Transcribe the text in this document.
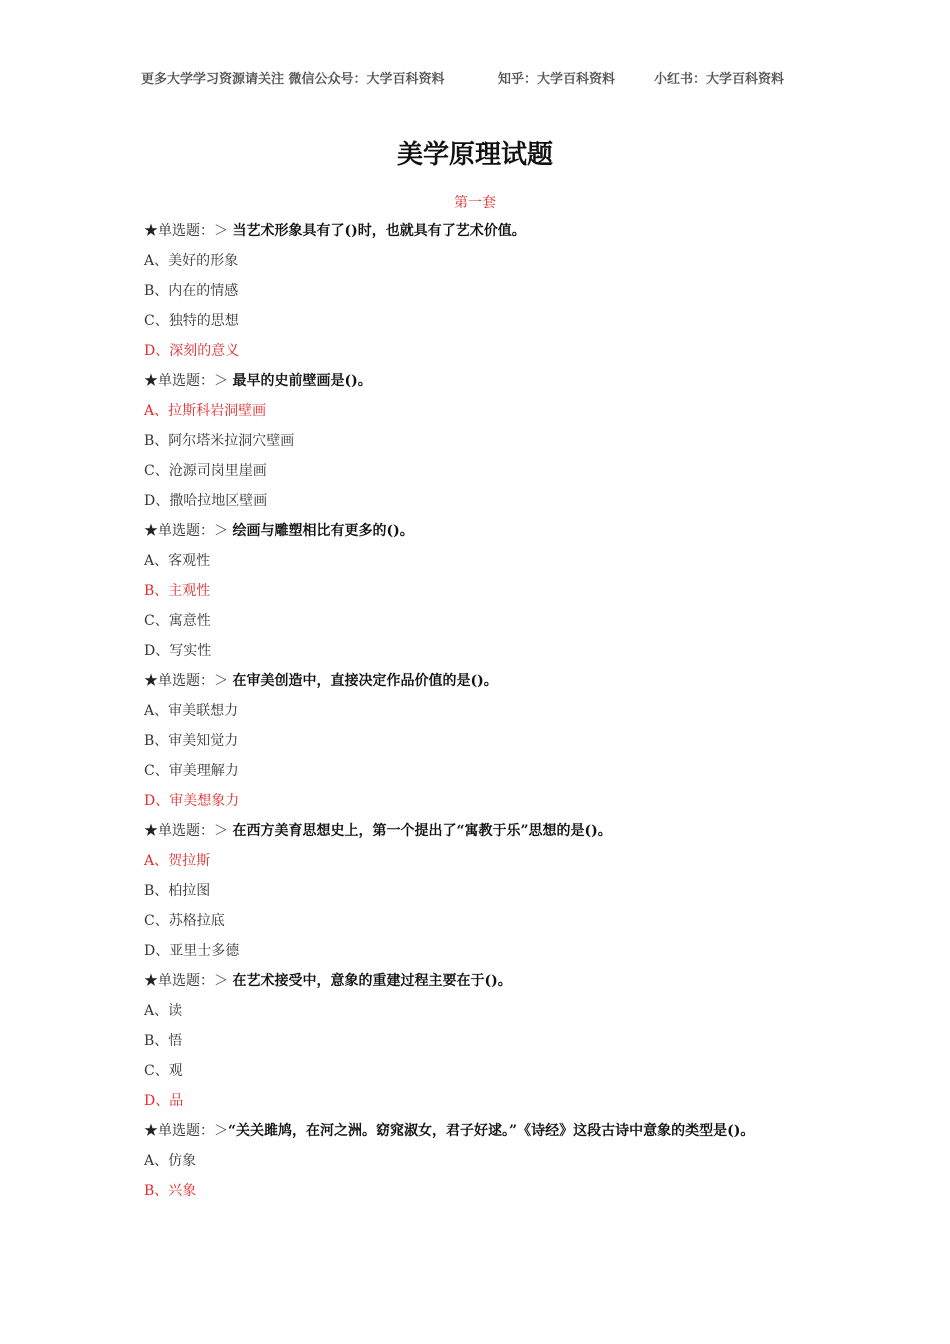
更多大学学习资源请关注 微信公众号：大学百科资料	知乎：大学百科资料	小红书：大学百科资料
美学原理试题
第一套
★单选题：＞ 当艺术形象具有了()时，也就具有了艺术价值。
A、美好的形象
B、内在的情感
C、独特的思想
D、深刻的意义
★单选题：＞ 最早的史前壁画是()。
A、拉斯科岩洞壁画
B、阿尔塔米拉洞穴壁画
C、沧源司岗里崖画
D、撒哈拉地区壁画
★单选题：＞ 绘画与雕塑相比有更多的()。
A、客观性
B、主观性
C、寓意性
D、写实性
★单选题：＞ 在审美创造中，直接决定作品价值的是()。
A、审美联想力
B、审美知觉力
C、审美理解力
D、审美想象力
★单选题：＞ 在西方美育思想史上，第一个提出了“寓教于乐”思想的是()。
A、贺拉斯
B、柏拉图
C、苏格拉底
D、亚里士多德
★单选题：＞ 在艺术接受中，意象的重建过程主要在于()。
A、读
B、悟
C、观
D、品
★单选题：＞“关关雎鸠，在河之洲。窈窕淑女，君子好逑。”《诗经》这段古诗中意象的类型是()。
A、仿象
B、兴象
